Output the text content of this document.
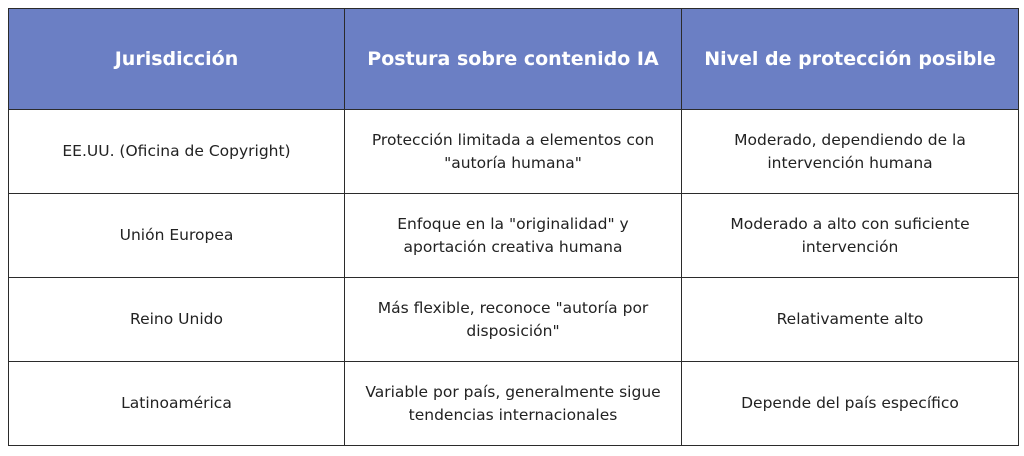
Jurisdicción	Postura sobre contenido IA	Nivel de protección posible
EE.UU. (Oficina de Copyright)	Protección limitada a elementos con "autoría humana"	Moderado, dependiendo de la intervención humana
Unión Europea	Enfoque en la "originalidad" y aportación creativa humana	Moderado a alto con suficiente intervención
Reino Unido	Más flexible, reconoce "autoría por disposición"	Relativamente alto
Latinoamérica	Variable por país, generalmente sigue tendencias internacionales	Depende del país específico
